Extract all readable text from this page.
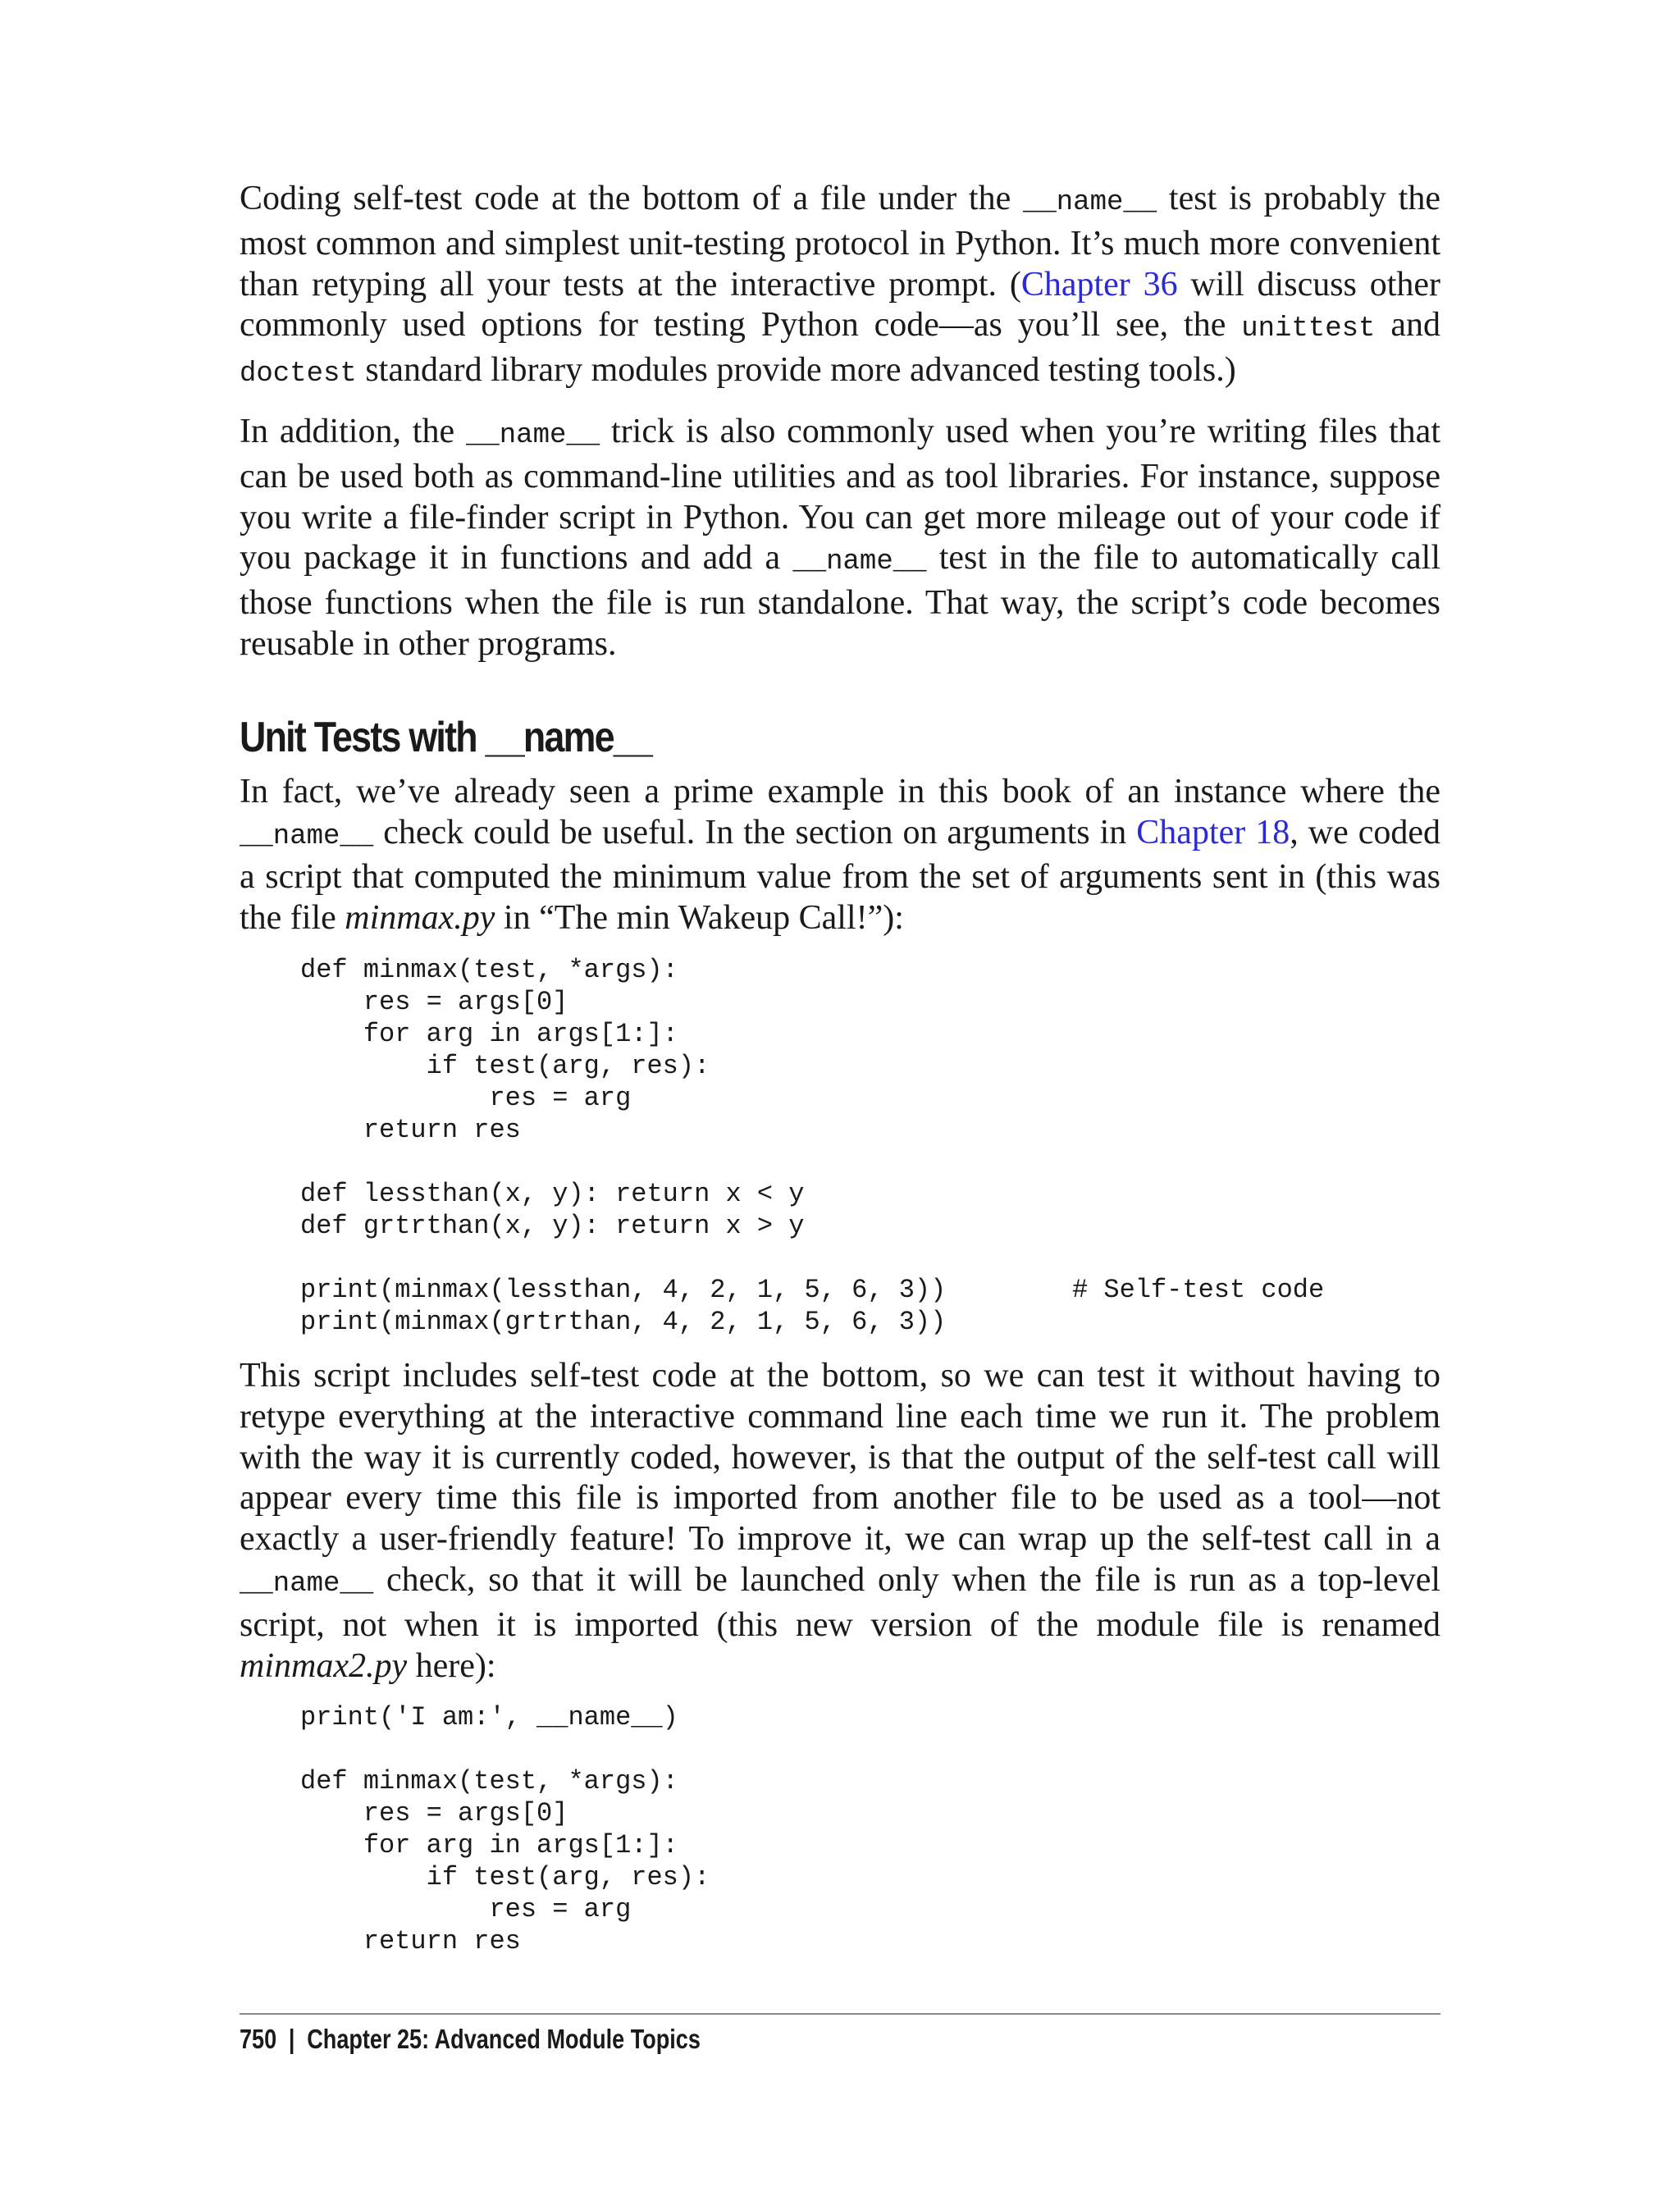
Coding self-test code at the bottom of a file under the __name__ test is probably the most common and simplest unit-testing protocol in Python. It’s much more convenient than retyping all your tests at the interactive prompt. (Chapter 36 will discuss other commonly used options for testing Python code—as you’ll see, the unittest and doctest standard library modules provide more advanced testing tools.)

In addition, the __name__ trick is also commonly used when you’re writing files that can be used both as command-line utilities and as tool libraries. For instance, suppose you write a file-finder script in Python. You can get more mileage out of your code if you package it in functions and add a __name__ test in the file to automatically call those functions when the file is run standalone. That way, the script’s code becomes reusable in other programs.

Unit Tests with __name__

In fact, we’ve already seen a prime example in this book of an instance where the __name__ check could be useful. In the section on arguments in Chapter 18, we coded a script that computed the minimum value from the set of arguments sent in (this was the file minmax.py in “The min Wakeup Call!”):

def minmax(test, *args):
res = args[0]
for arg in args[1:]:
if test(arg, res):
res = arg
return res

def lessthan(x, y): return x < y
def grtrthan(x, y): return x > y

print(minmax(lessthan, 4, 2, 1, 5, 6, 3))        # Self-test code
print(minmax(grtrthan, 4, 2, 1, 5, 6, 3))

This script includes self-test code at the bottom, so we can test it without having to retype everything at the interactive command line each time we run it. The problem with the way it is currently coded, however, is that the output of the self-test call will appear every time this file is imported from another file to be used as a tool—not exactly a user-friendly feature! To improve it, we can wrap up the self-test call in a __name__ check, so that it will be launched only when the file is run as a top-level script, not when it is imported (this new version of the module file is renamed minmax2.py here):

print('I am:', __name__)

def minmax(test, *args):
res = args[0]
for arg in args[1:]:
if test(arg, res):
res = arg
return res
750 | Chapter 25: Advanced Module Topics
